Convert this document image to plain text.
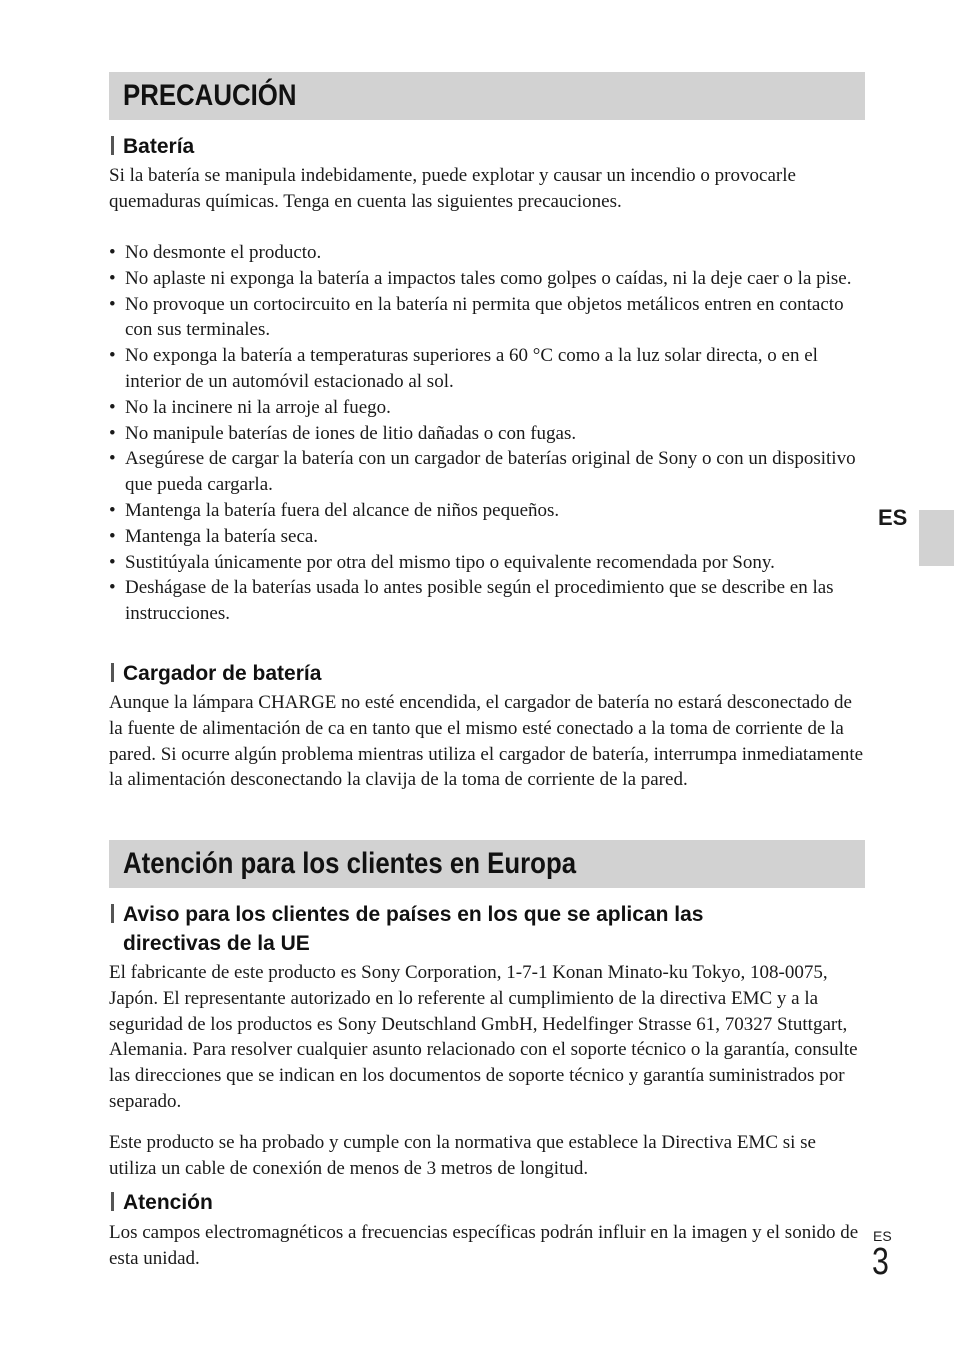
PRECAUCIÓN
Batería

Si la batería se manipula indebidamente, puede explotar y causar un incendio o provocarle quemaduras químicas. Tenga en cuenta las siguientes precauciones.

• No desmonte el producto.
• No aplaste ni exponga la batería a impactos tales como golpes o caídas, ni la deje caer o la pise.
• No provoque un cortocircuito en la batería ni permita que objetos metálicos entren en contacto con sus terminales.
• No exponga la batería a temperaturas superiores a 60 °C como a la luz solar directa, o en el interior de un automóvil estacionado al sol.
• No la incinere ni la arroje al fuego.
• No manipule baterías de iones de litio dañadas o con fugas.
• Asegúrese de cargar la batería con un cargador de baterías original de Sony o con un dispositivo que pueda cargarla.
• Mantenga la batería fuera del alcance de niños pequeños.
• Mantenga la batería seca.
• Sustitúyala únicamente por otra del mismo tipo o equivalente recomendada por Sony.
• Deshágase de la baterías usada lo antes posible según el procedimiento que se describe en las instrucciones.
Cargador de batería

Aunque la lámpara CHARGE no esté encendida, el cargador de batería no estará desconectado de la fuente de alimentación de ca en tanto que el mismo esté conectado a la toma de corriente de la pared. Si ocurre algún problema mientras utiliza el cargador de batería, interrumpa inmediatamente la alimentación desconectando la clavija de la toma de corriente de la pared.

Atención para los clientes en Europa
Aviso para los clientes de países en los que se aplican las
directivas de la UE

El fabricante de este producto es Sony Corporation, 1-7-1 Konan Minato-ku Tokyo, 108-0075, Japón. El representante autorizado en lo referente al cumplimiento de la directiva EMC y a la seguridad de los productos es Sony Deutschland GmbH, Hedelfinger Strasse 61, 70327 Stuttgart, Alemania. Para resolver cualquier asunto relacionado con el soporte técnico o la garantía, consulte las direcciones que se indican en los documentos de soporte técnico y garantía suministrados por separado.

Este producto se ha probado y cumple con la normativa que establece la Directiva EMC si se utiliza un cable de conexión de menos de 3 metros de longitud.

Atención

Los campos electromagnéticos a frecuencias específicas podrán influir en la imagen y el sonido de esta unidad.

ES
ES
3
